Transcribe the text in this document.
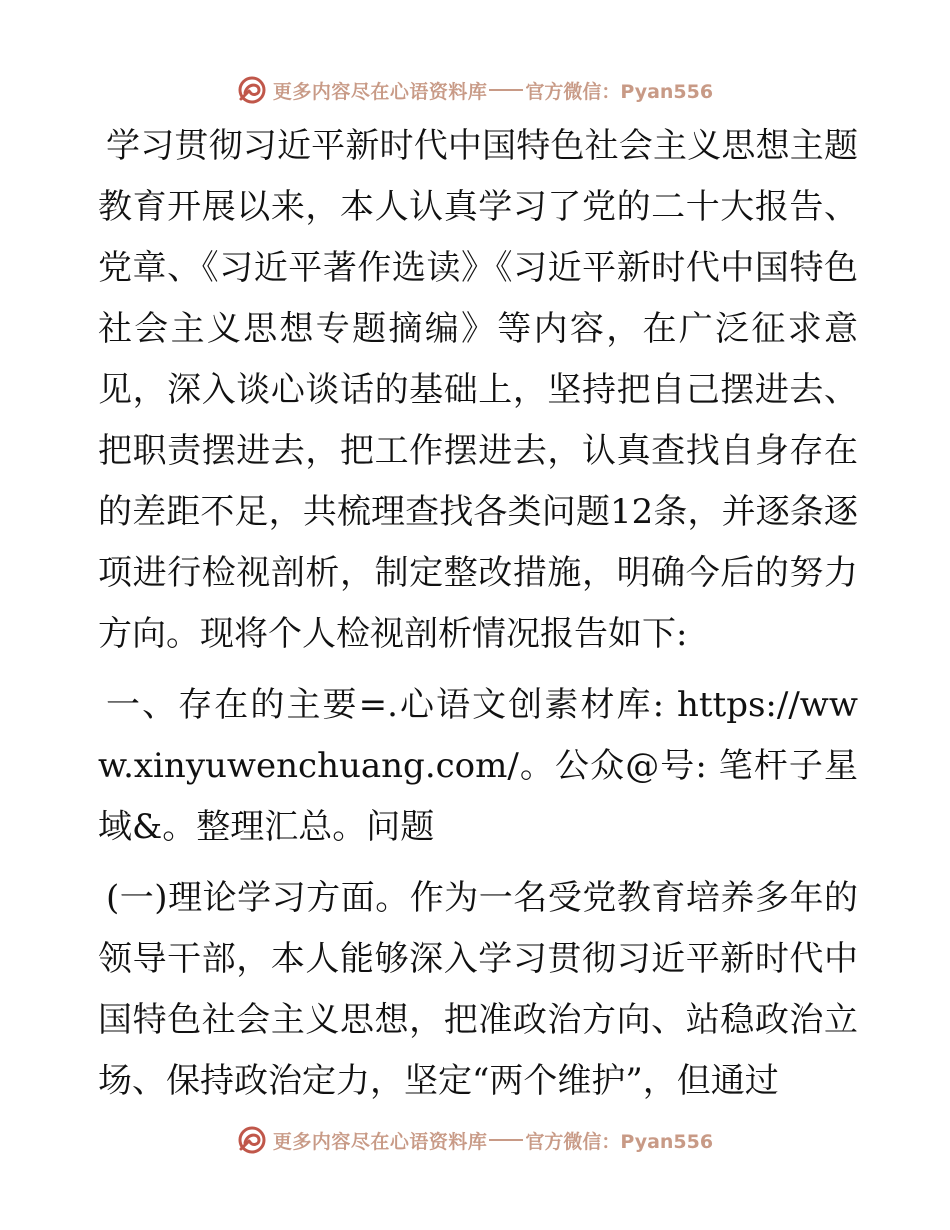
更多内容尽在心语资料库 官方微信：Pyan556

学习贯彻习近平新时代中国特色社会主义思想主题教育开展以来，本人认真学习了党的二十大报告、党章、《习近平著作选读》《习近平新时代中国特色社会主义思想专题摘编》等内容，在广泛征求意见，深入谈心谈话的基础上，坚持把自己摆进去、把职责摆进去，把工作摆进去，认真查找自身存在的差距不足，共梳理查找各类问题12条，并逐条逐项进行检视剖析，制定整改措施，明确今后的努力方向。现将个人检视剖析情况报告如下:

一、存在的主要=.心语文创素材库: https://www.xinyuwenchuang.com/。公众@号: 笔杆子星域&。整理汇总。问题

(一)理论学习方面。作为一名受党教育培养多年的领导干部，本人能够深入学习贯彻习近平新时代中国特色社会主义思想，把准政治方向、站稳政治立场、保持政治定力，坚定“两个维护”，但通过

更多内容尽在心语资料库 官方微信：Pyan556
